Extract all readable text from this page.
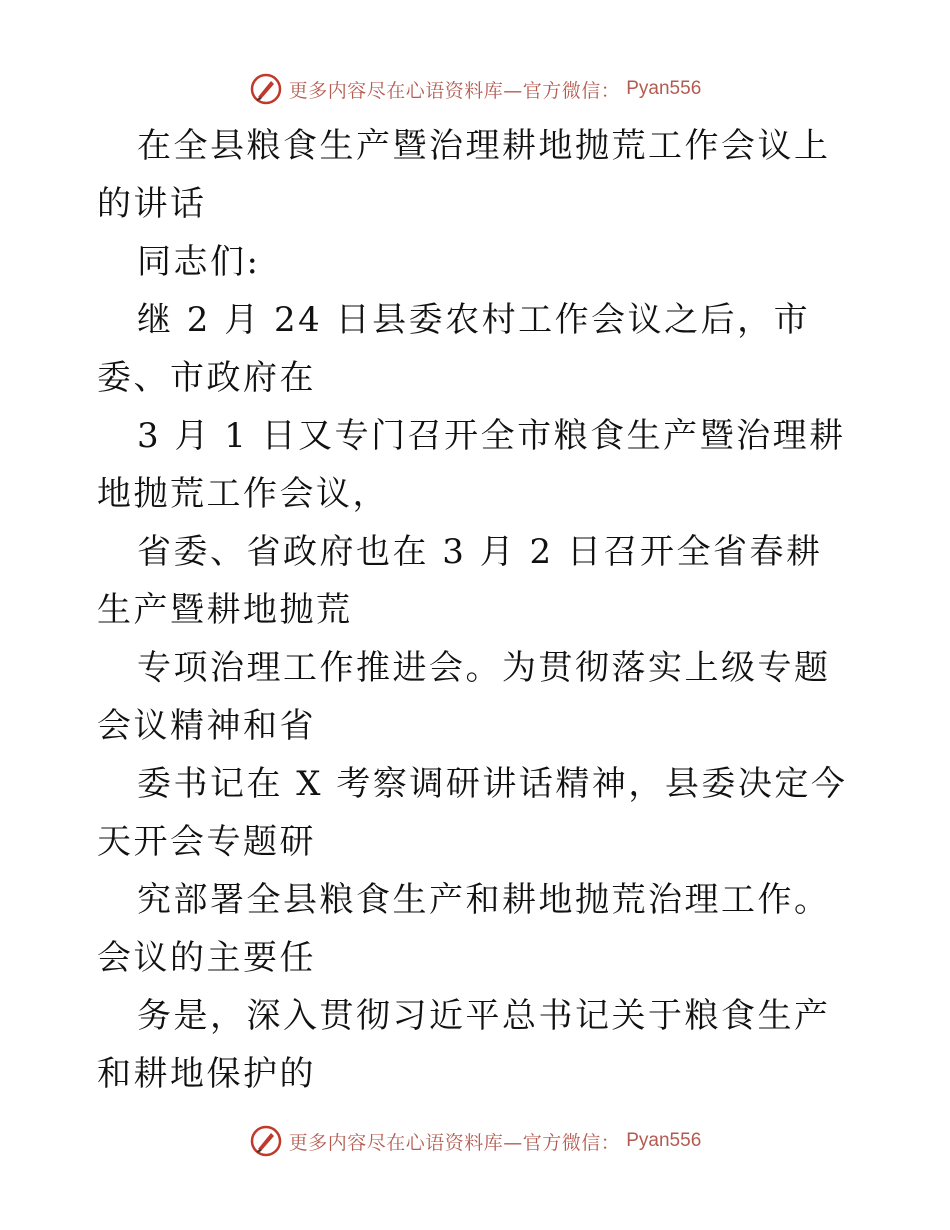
更多内容尽在心语资料库—官方微信： Pyan556

在全县粮食生产暨治理耕地抛荒工作会议上的讲话

同志们:

继 2 月 24 日县委农村工作会议之后，市委、市政府在

3 月 1 日又专门召开全市粮食生产暨治理耕地抛荒工作会议，

省委、省政府也在 3 月 2 日召开全省春耕生产暨耕地抛荒

专项治理工作推进会。为贯彻落实上级专题会议精神和省

委书记在 X 考察调研讲话精神，县委决定今天开会专题研

究部署全县粮食生产和耕地抛荒治理工作。会议的主要任

务是，深入贯彻习近平总书记关于粮食生产和耕地保护的

更多内容尽在心语资料库—官方微信： Pyan556
